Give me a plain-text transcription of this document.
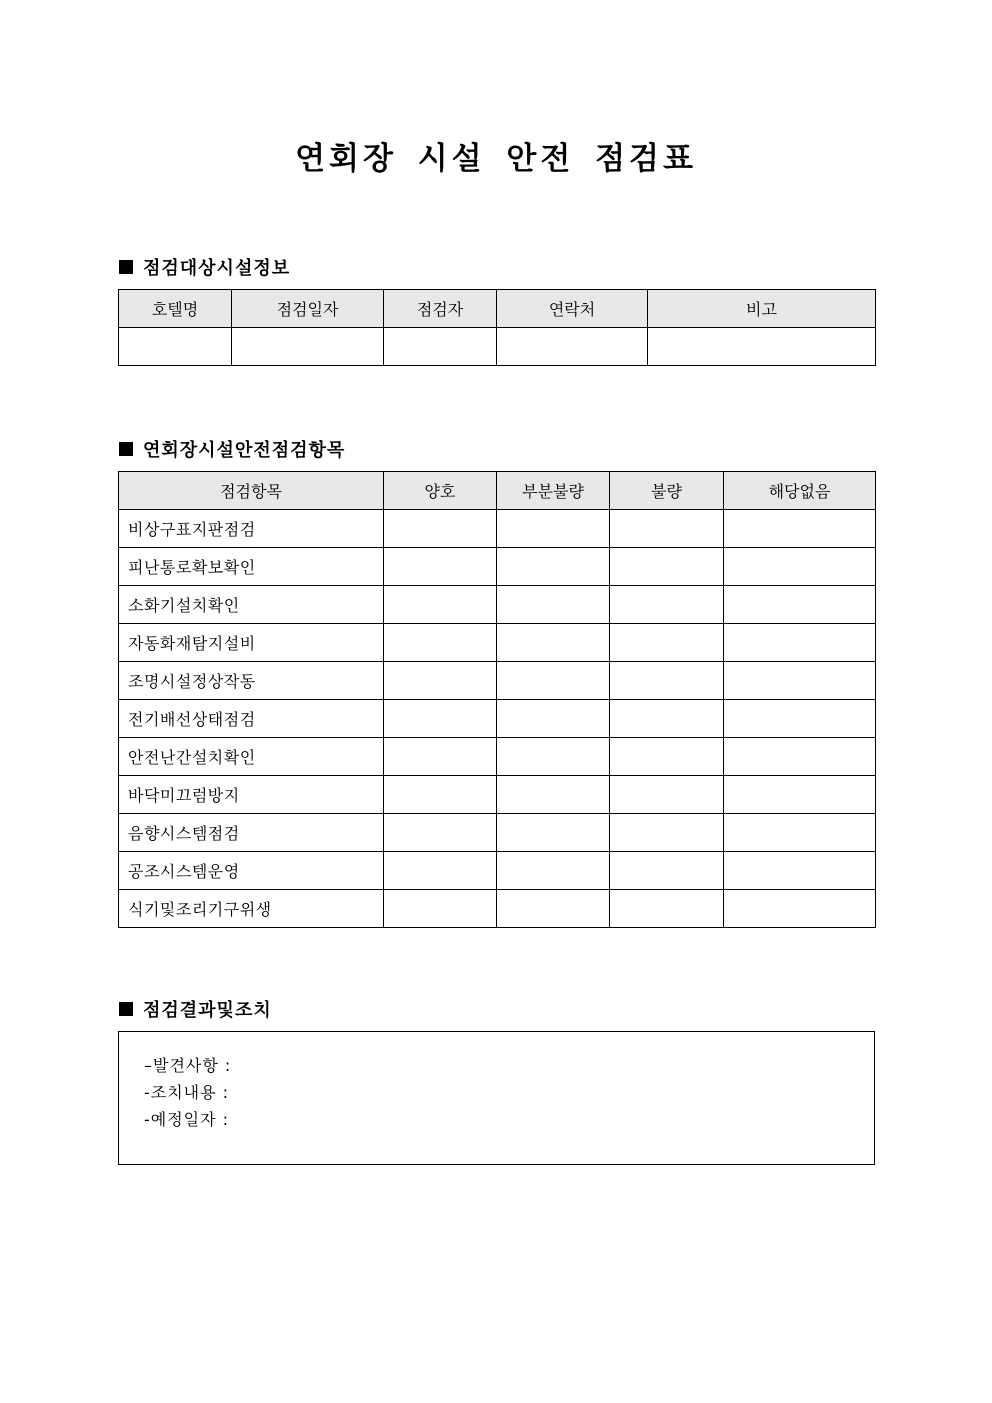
연회장 시설 안전 점검표
점검대상시설정보
호텔명	점검일자	점검자	연락처	비고

연회장시설안전점검항목
점검항목	양호	부분불량	불량	해당없음
비상구표지판점검				
피난통로확보확인				
소화기설치확인				
자동화재탐지설비				
조명시설정상작동				
전기배선상태점검				
안전난간설치확인				
바닥미끄럼방지				
음향시스템점검				
공조시스템운영				
식기및조리기구위생				
점검결과및조치
–발견사항 :
-조치내용 :
-예정일자 :
